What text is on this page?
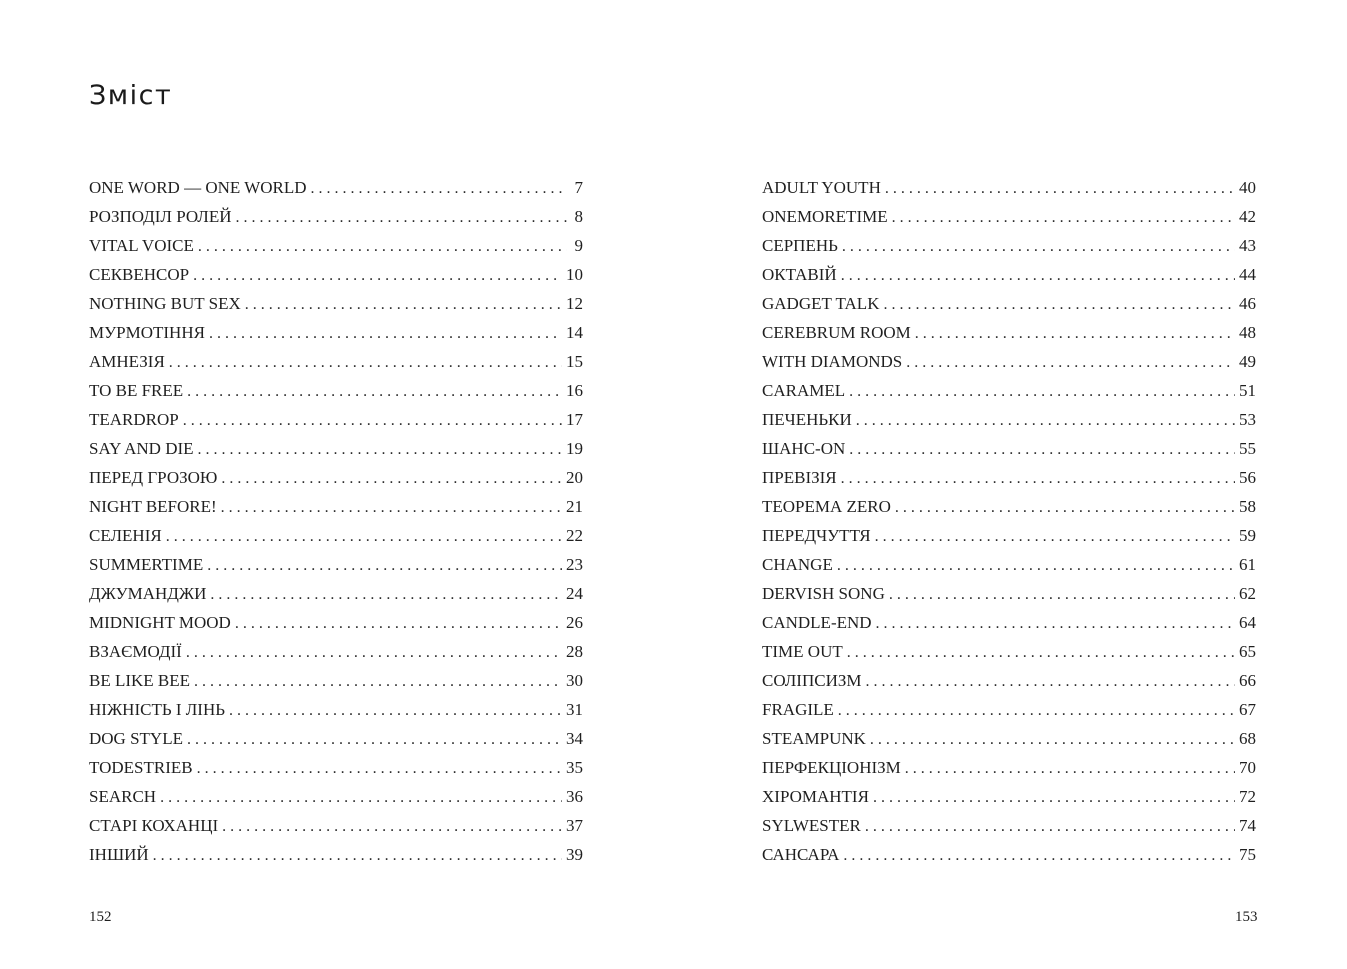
Зміст
ONE WORD — ONE WORLD . . .	7
РОЗПОДІЛ РОЛЕЙ . . .	8
VITAL VOICE . . .	9
СЕКВЕНСОР . . .	10
NOTHING BUT SEX . . .	12
МУРМОТІННЯ . . .	14
АМНЕЗІЯ . . .	15
TO BE FREE . . .	16
TEARDROP . . .	17
SAY AND DIE . . .	19
ПЕРЕД ГРОЗОЮ . . .	20
NIGHT BEFORE! . . .	21
СЕЛЕНІЯ . . .	22
SUMMERTIME . . .	23
ДЖУМАНДЖИ . . .	24
MIDNIGHT MOOD . . .	26
ВЗАЄМОДІЇ . . .	28
BE LIKE BEE . . .	30
НІЖНІСТЬ І ЛІНЬ . . .	31
DOG STYLE . . .	34
TODESTRIEB . . .	35
SEARCH . . .	36
СТАРІ КОХАНЦІ . . .	37
ІНШИЙ . . .	39
ADULT YOUTH . . .	40
ONEMORETIME . . .	42
СЕРПЕНЬ . . .	43
ОКТАВІЙ . . .	44
GADGET TALK . . .	46
CEREBRUM ROOM . . .	48
WITH DIAMONDS . . .	49
CARAMEL . . .	51
ПЕЧЕНЬКИ . . .	53
ШАНС-ON . . .	55
ПРЕВІЗІЯ . . .	56
ТЕОРЕМА ZERO . . .	58
ПЕРЕДЧУТТЯ . . .	59
CHANGE . . .	61
DERVISH SONG . . .	62
CANDLE-END . . .	64
TIME OUT . . .	65
СОЛІПСИЗМ . . .	66
FRAGILE . . .	67
STEAMPUNK . . .	68
ПЕРФЕКЦІОНІЗМ . . .	70
ХІРОМАНТІЯ . . .	72
SYLWESTER . . .	74
САНСАРА . . .	75
152	153
